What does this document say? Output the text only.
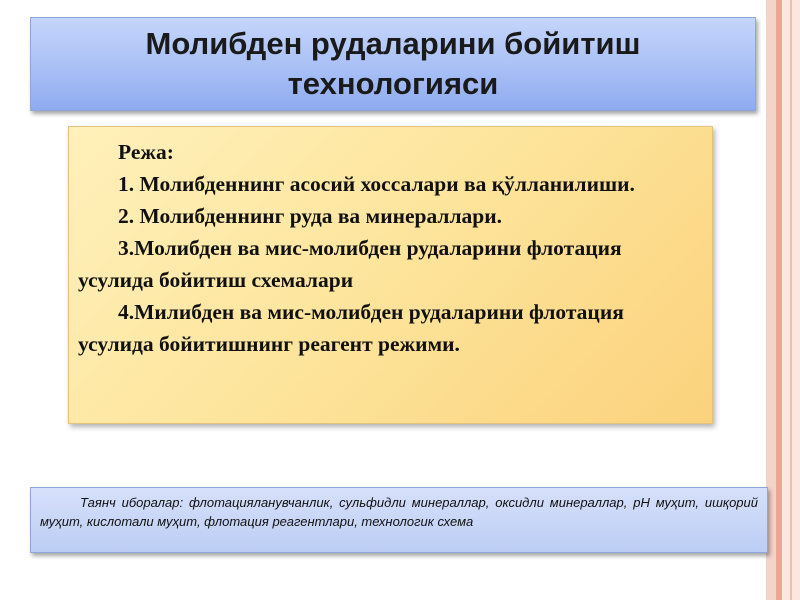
Молибден рудаларини бойитиш
технологияси

Режа:

1. Молибденнинг асосий хоссалари ва қўлланилиши.

2. Молибденнинг руда ва минераллари.

3.Молибден ва мис-молибден рудаларини флотация усулида бойитиш схемалари

4.Милибден ва мис-молибден рудаларини флотация усулида бойитишнинг реагент режими.

Таянч иборалар: флотацияланувчанлик, сульфидли минераллар, оксидли минераллар, рН муҳит, ишқорий муҳит, кислотали муҳит, флотация реагентлари, технологик схема
